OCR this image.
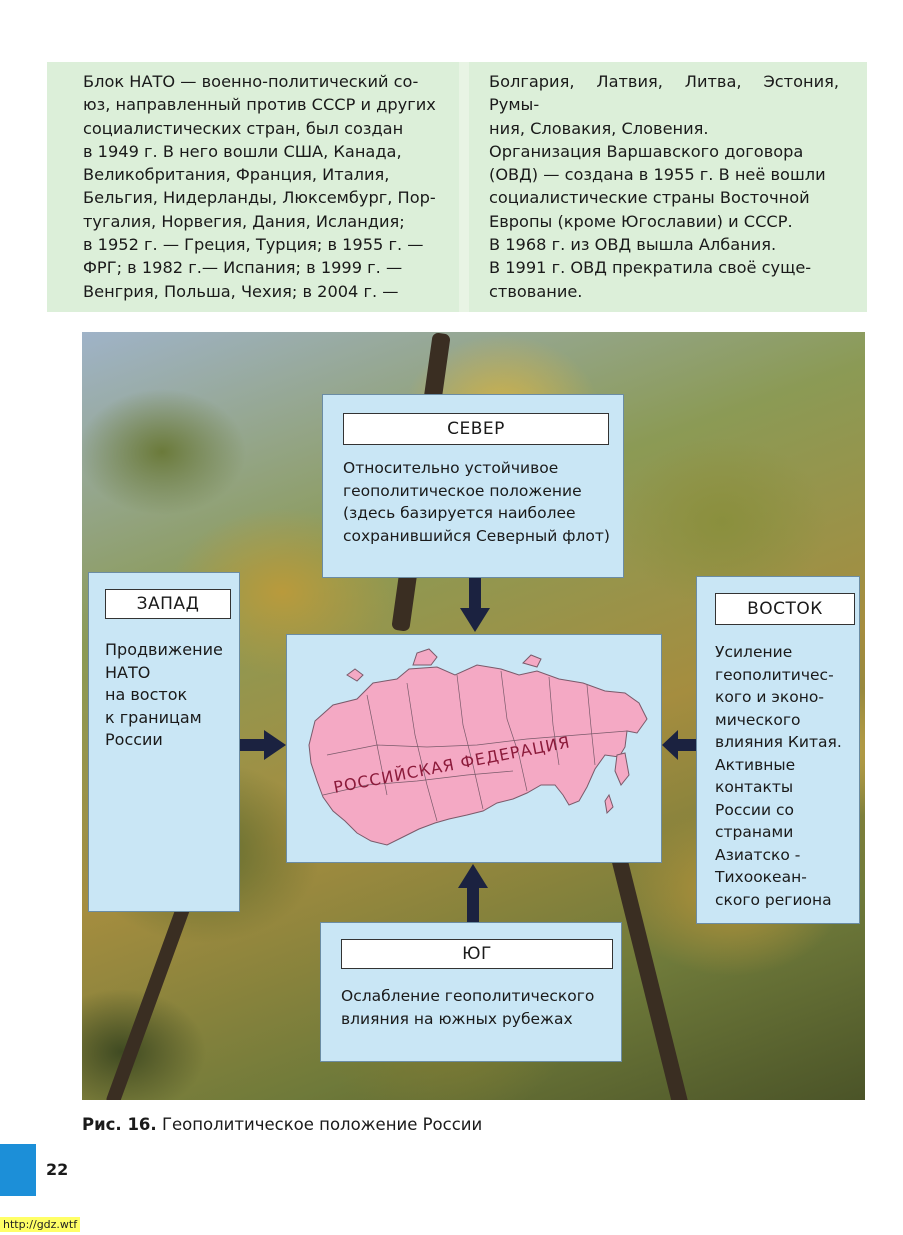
Блок НАТО — военно-политический со-

юз, направленный против СССР и других

социалистических стран, был создан

в 1949 г. В него вошли США, Канада,

Великобритания, Франция, Италия,

Бельгия, Нидерланды, Люксембург, Пор-

тугалия, Норвегия, Дания, Исландия;

в 1952 г. — Греция, Турция; в 1955 г. —

ФРГ; в 1982 г.— Испания; в 1999 г. —

Венгрия, Польша, Чехия; в 2004 г. —

Болгария, Латвия, Литва, Эстония, Румы-

ния, Словакия, Словения.

Организация Варшавского договора

(ОВД) — создана в 1955 г. В неё вошли

социалистические страны Восточной

Европы (кроме Югославии) и СССР.

В 1968 г. из ОВД вышла Албания.

В 1991 г. ОВД прекратила своё суще-

ствование.

СЕВЕР
Относительно устойчивое
геополитическое положение
(здесь базируется наиболее
сохранившийся Северный флот)
ЗАПАД
Продвижение
НАТО
на восток
к границам
России
ВОСТОК
Усиление
геополитичес-
кого и эконо-
мического
влияния Китая.
Активные
контакты
России со
странами
Азиатско -
Тихоокеан-
ского региона
ЮГ
Ослабление геополитического
влияния на южных рубежах
РОССИЙСКАЯ ФЕДЕРАЦИЯ
Рис. 16. Геополитическое положение России
22
http://gdz.wtf
